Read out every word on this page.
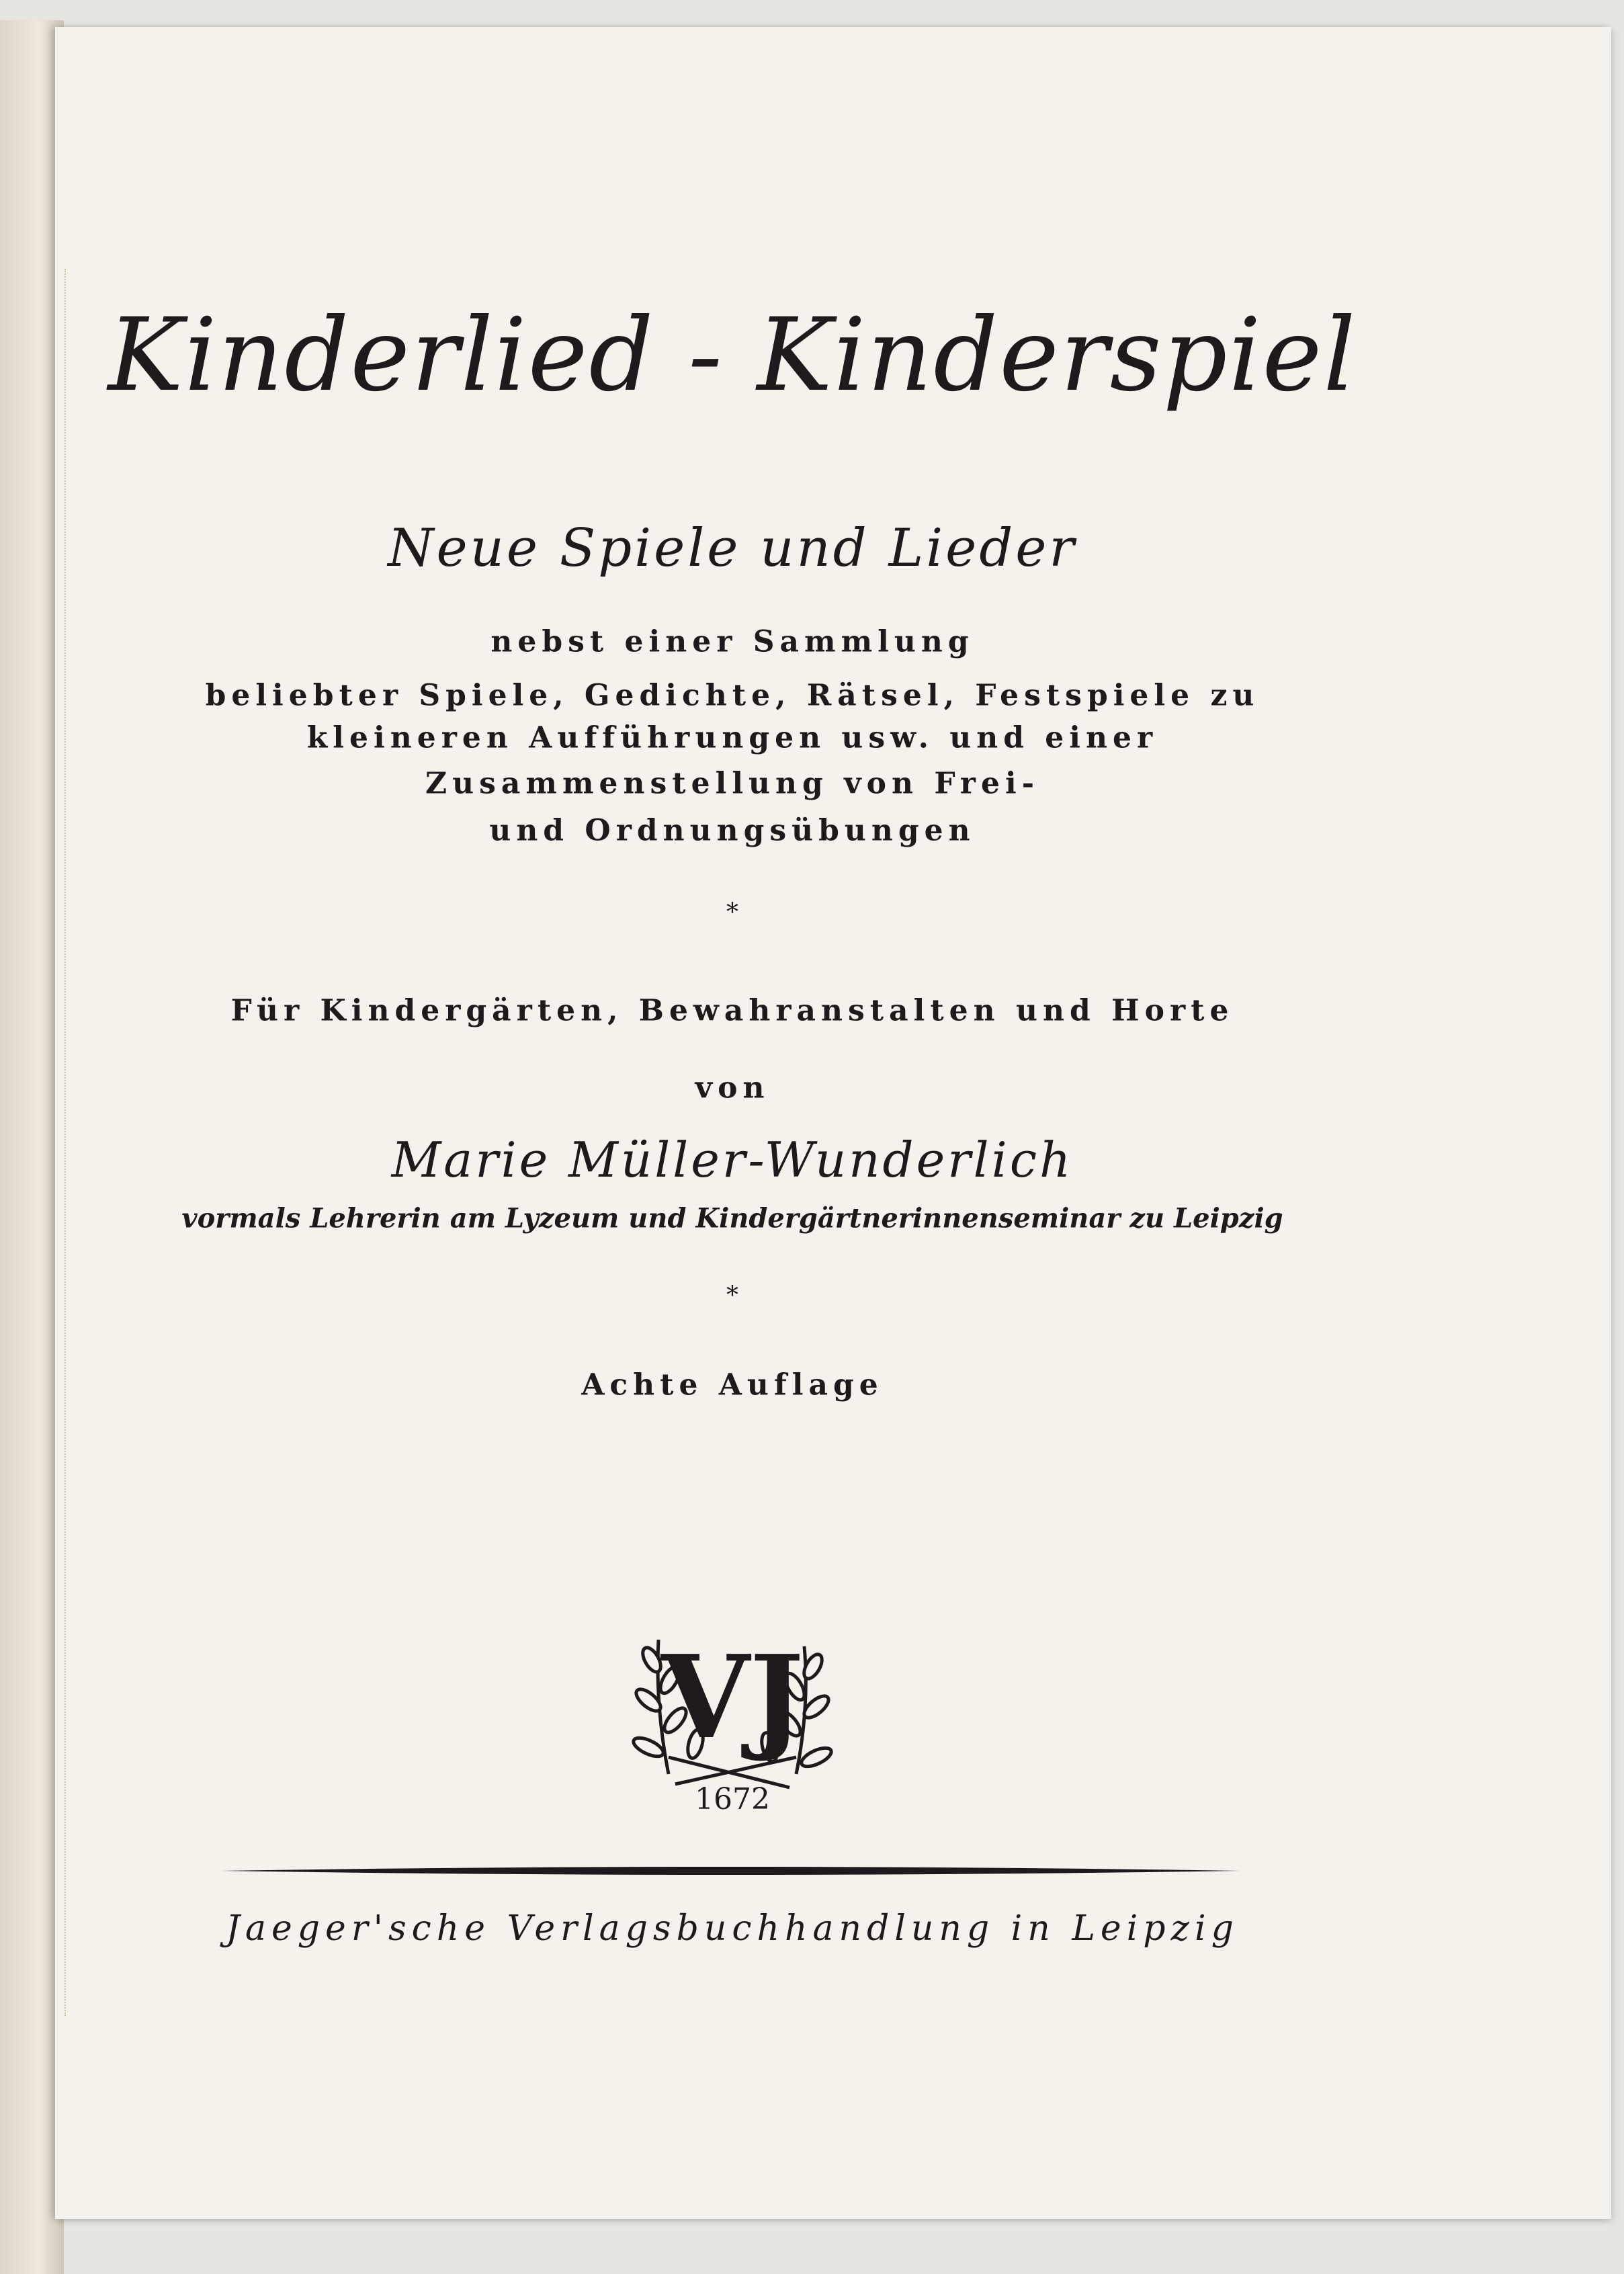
Kinderlied - Kinderspiel
Neue Spiele und Lieder
nebst einer Sammlung
beliebter Spiele, Gedichte, Rätsel, Festspiele zu
kleineren Aufführungen usw. und einer
Zusammenstellung von Frei-
und Ordnungsübungen
*
Für Kindergärten, Bewahranstalten und Horte
von
Marie Müller-Wunderlich
vormals Lehrerin am Lyzeum und Kindergärtnerinnenseminar zu Leipzig
*
Achte Auflage
VJ
1672
Jaeger'sche Verlagsbuchhandlung in Leipzig
